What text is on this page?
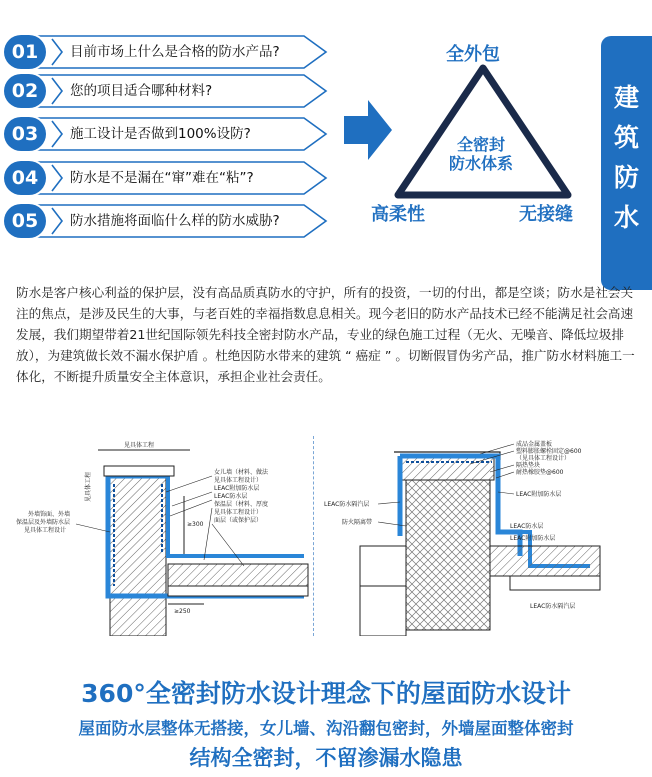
01	目前市场上什么是合格的防水产品?
02	您的项目适合哪种材料?
03	施工设计是否做到100%设防?
04	防水是不是漏在“窜”难在“粘”?
05	防水措施将面临什么样的防水威胁?
全外包
高柔性	无接缝
全密封
防水体系
建
筑
防
水
防水是客户核心利益的保护层，没有高品质真防水的守护，所有的投资，一切的付出，都是空谈；防水是社会关注的焦点，是涉及民生的大事，与老百姓的幸福指数息息相关。现今老旧的防水产品技术已经不能满足社会高速发展，我们期望带着21世纪国际领先科技全密封防水产品，专业的绿色施工过程（无火、无噪音、降低垃圾排放），为建筑做长效不漏水保护盾 。杜绝因防水带来的建筑 “ 癌症 ” 。切断假冒伪劣产品，推广防水材料施工一体化，不断提升质量安全主体意识，承担企业社会责任。
≥300
≥250
见具体工程
见具体工程	女儿墙（材料、做法
见具体工程设计）
LEAC附加防水层
LEAC防水层
保温层（材料、厚度
见具体工程设计）
面层（或保护层）
外墙饰面、外墙
保温层及外墙防水层
见具体工程设计
成品金属盖板
塑料膨胀螺栓固定@600
（见具体工程设计）
隔热垫块
耐热橡胶垫@600
LEAC附加防水层
LEAC防水隔汽层
防火隔离带
LEAC防水层
LEAC附加防水层
LEAC防水隔汽层
360°全密封防水设计理念下的屋面防水设计
屋面防水层整体无搭接，女儿墙、沟沿翻包密封，外墙屋面整体密封
结构全密封，不留渗漏水隐患
